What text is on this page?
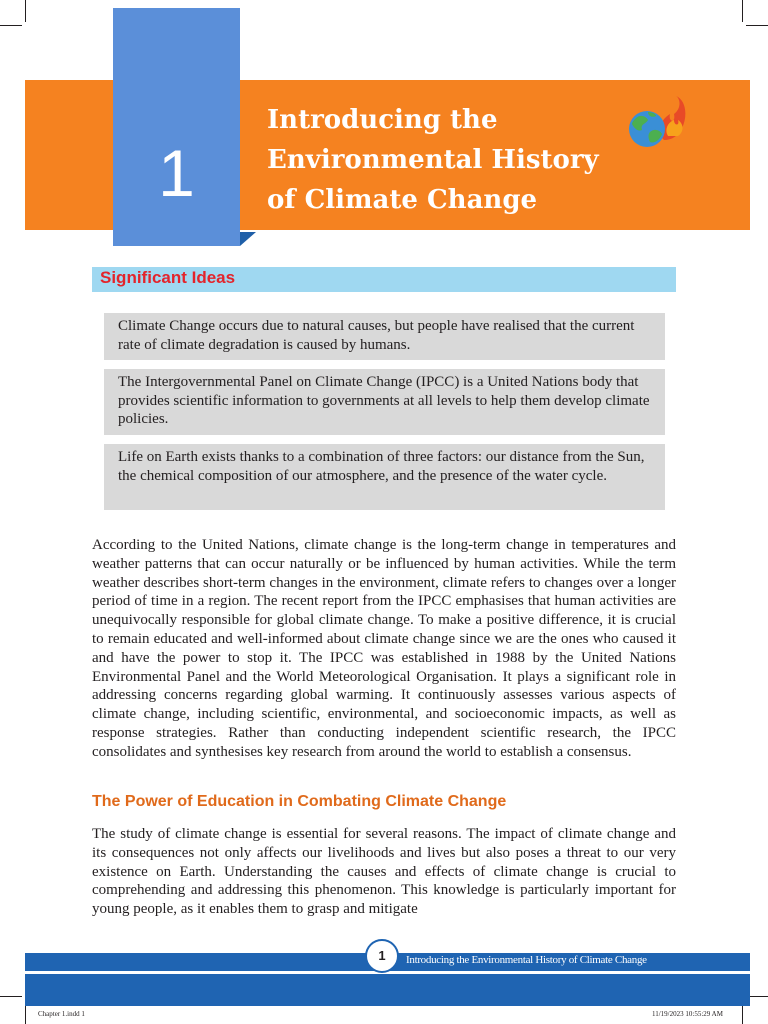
1
Introducing the
Environmental History
of Climate Change
Significant Ideas
Climate Change occurs due to natural causes, but people have realised that the current rate of climate degradation is caused by humans.
The Intergovernmental Panel on Climate Change (IPCC) is a United Nations body that provides scientific information to governments at all levels to help them develop climate policies.
Life on Earth exists thanks to a combination of three factors: our distance from the Sun, the chemical composition of our atmosphere, and the presence of the water cycle.
According to the United Nations, climate change is the long-term change in temperatures and weather patterns that can occur naturally or be influenced by human activities. While the term weather describes short-term changes in the environment, climate refers to changes over a longer period of time in a region. The recent report from the IPCC emphasises that human activities are unequivocally responsible for global climate change. To make a positive difference, it is crucial to remain educated and well-informed about climate change since we are the ones who caused it and have the power to stop it. The IPCC was established in 1988 by the United Nations Environmental Panel and the World Meteorological Organisation. It plays a significant role in addressing concerns regarding global warming. It continuously assesses various aspects of climate change, including scientific, environmental, and socioeconomic impacts, as well as response strategies. Rather than conducting independent scientific research, the IPCC consolidates and synthesises key research from around the world to establish a consensus.
The Power of Education in Combating Climate Change
The study of climate change is essential for several reasons. The impact of climate change and its consequences not only affects our livelihoods and lives but also poses a threat to our very existence on Earth. Understanding the causes and effects of climate change is crucial to comprehending and addressing this phenomenon. This knowledge is particularly important for young people, as it enables them to grasp and mitigate
1	Introducing the Environmental History of Climate Change
Chapter 1.indd 1	11/19/2023 10:55:29 AM
